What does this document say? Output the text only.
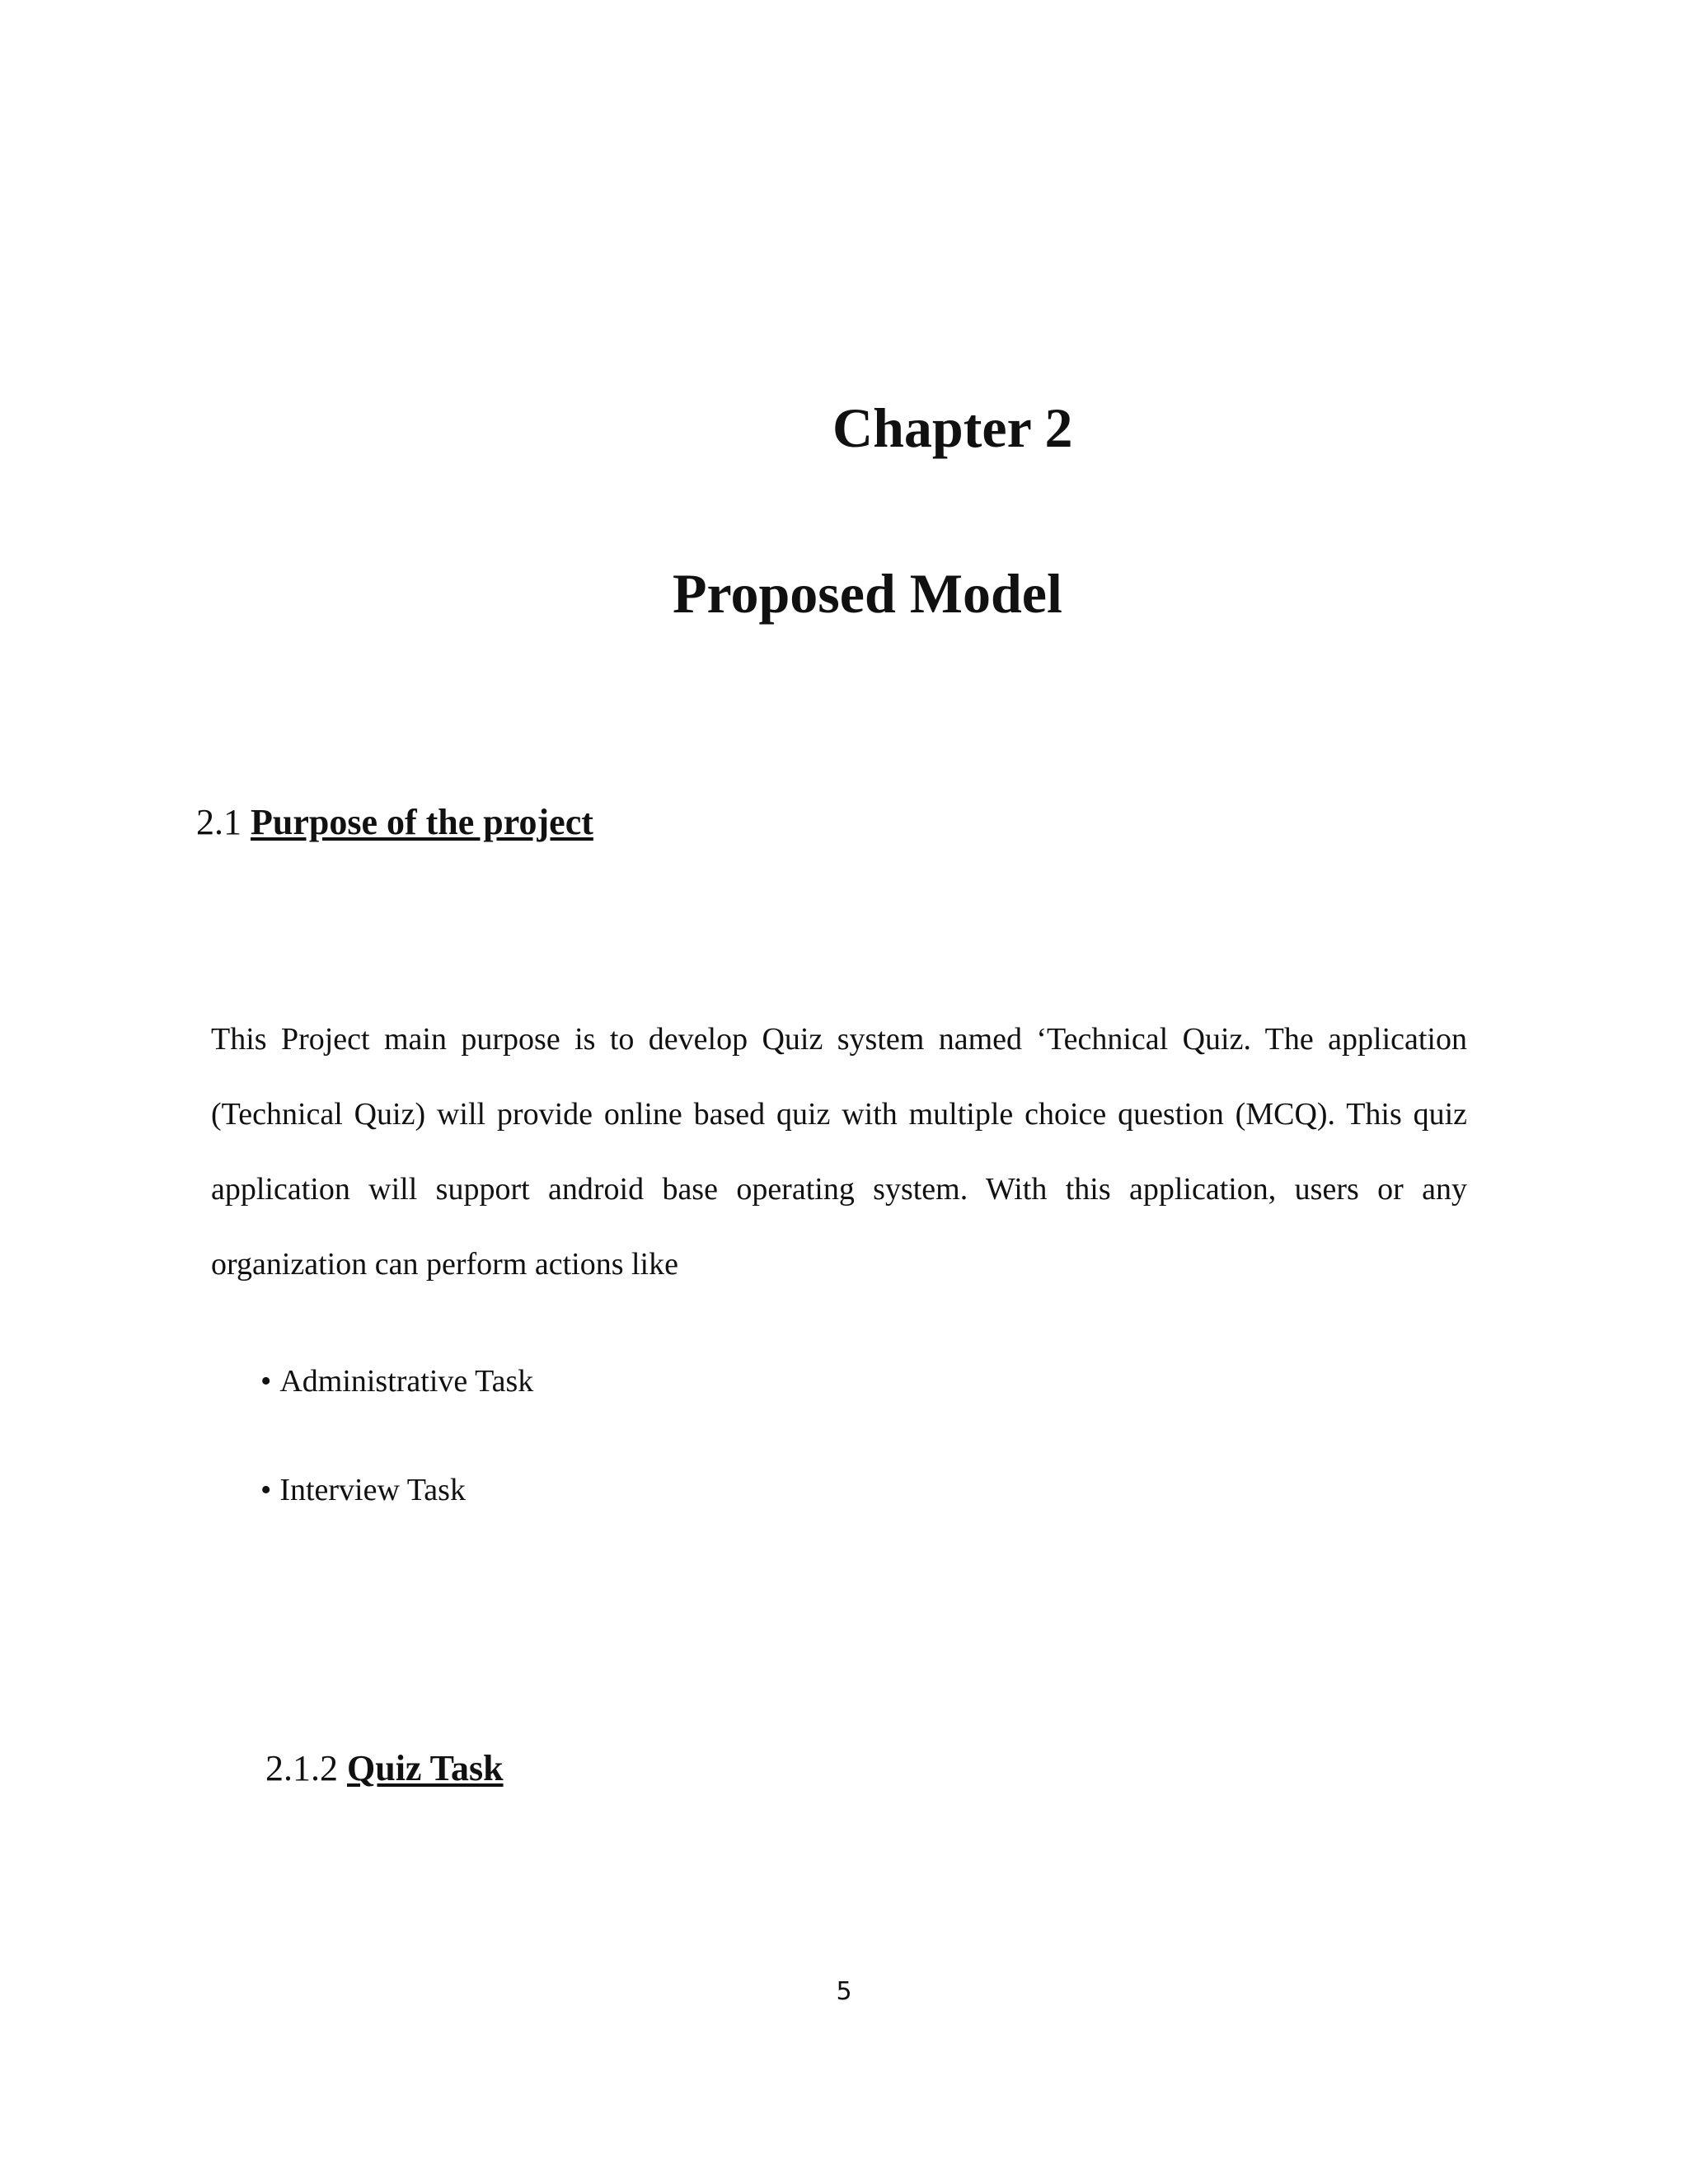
Chapter 2
Proposed Model
2.1 Purpose of the project

This Project main purpose is to develop Quiz system named ‘Technical Quiz. The application (Technical Quiz) will provide online based quiz with multiple choice question (MCQ). This quiz application will support android base operating system. With this application, users or any organization can perform actions like

• Administrative Task
• Interview Task
2.1.2 Quiz Task
5
